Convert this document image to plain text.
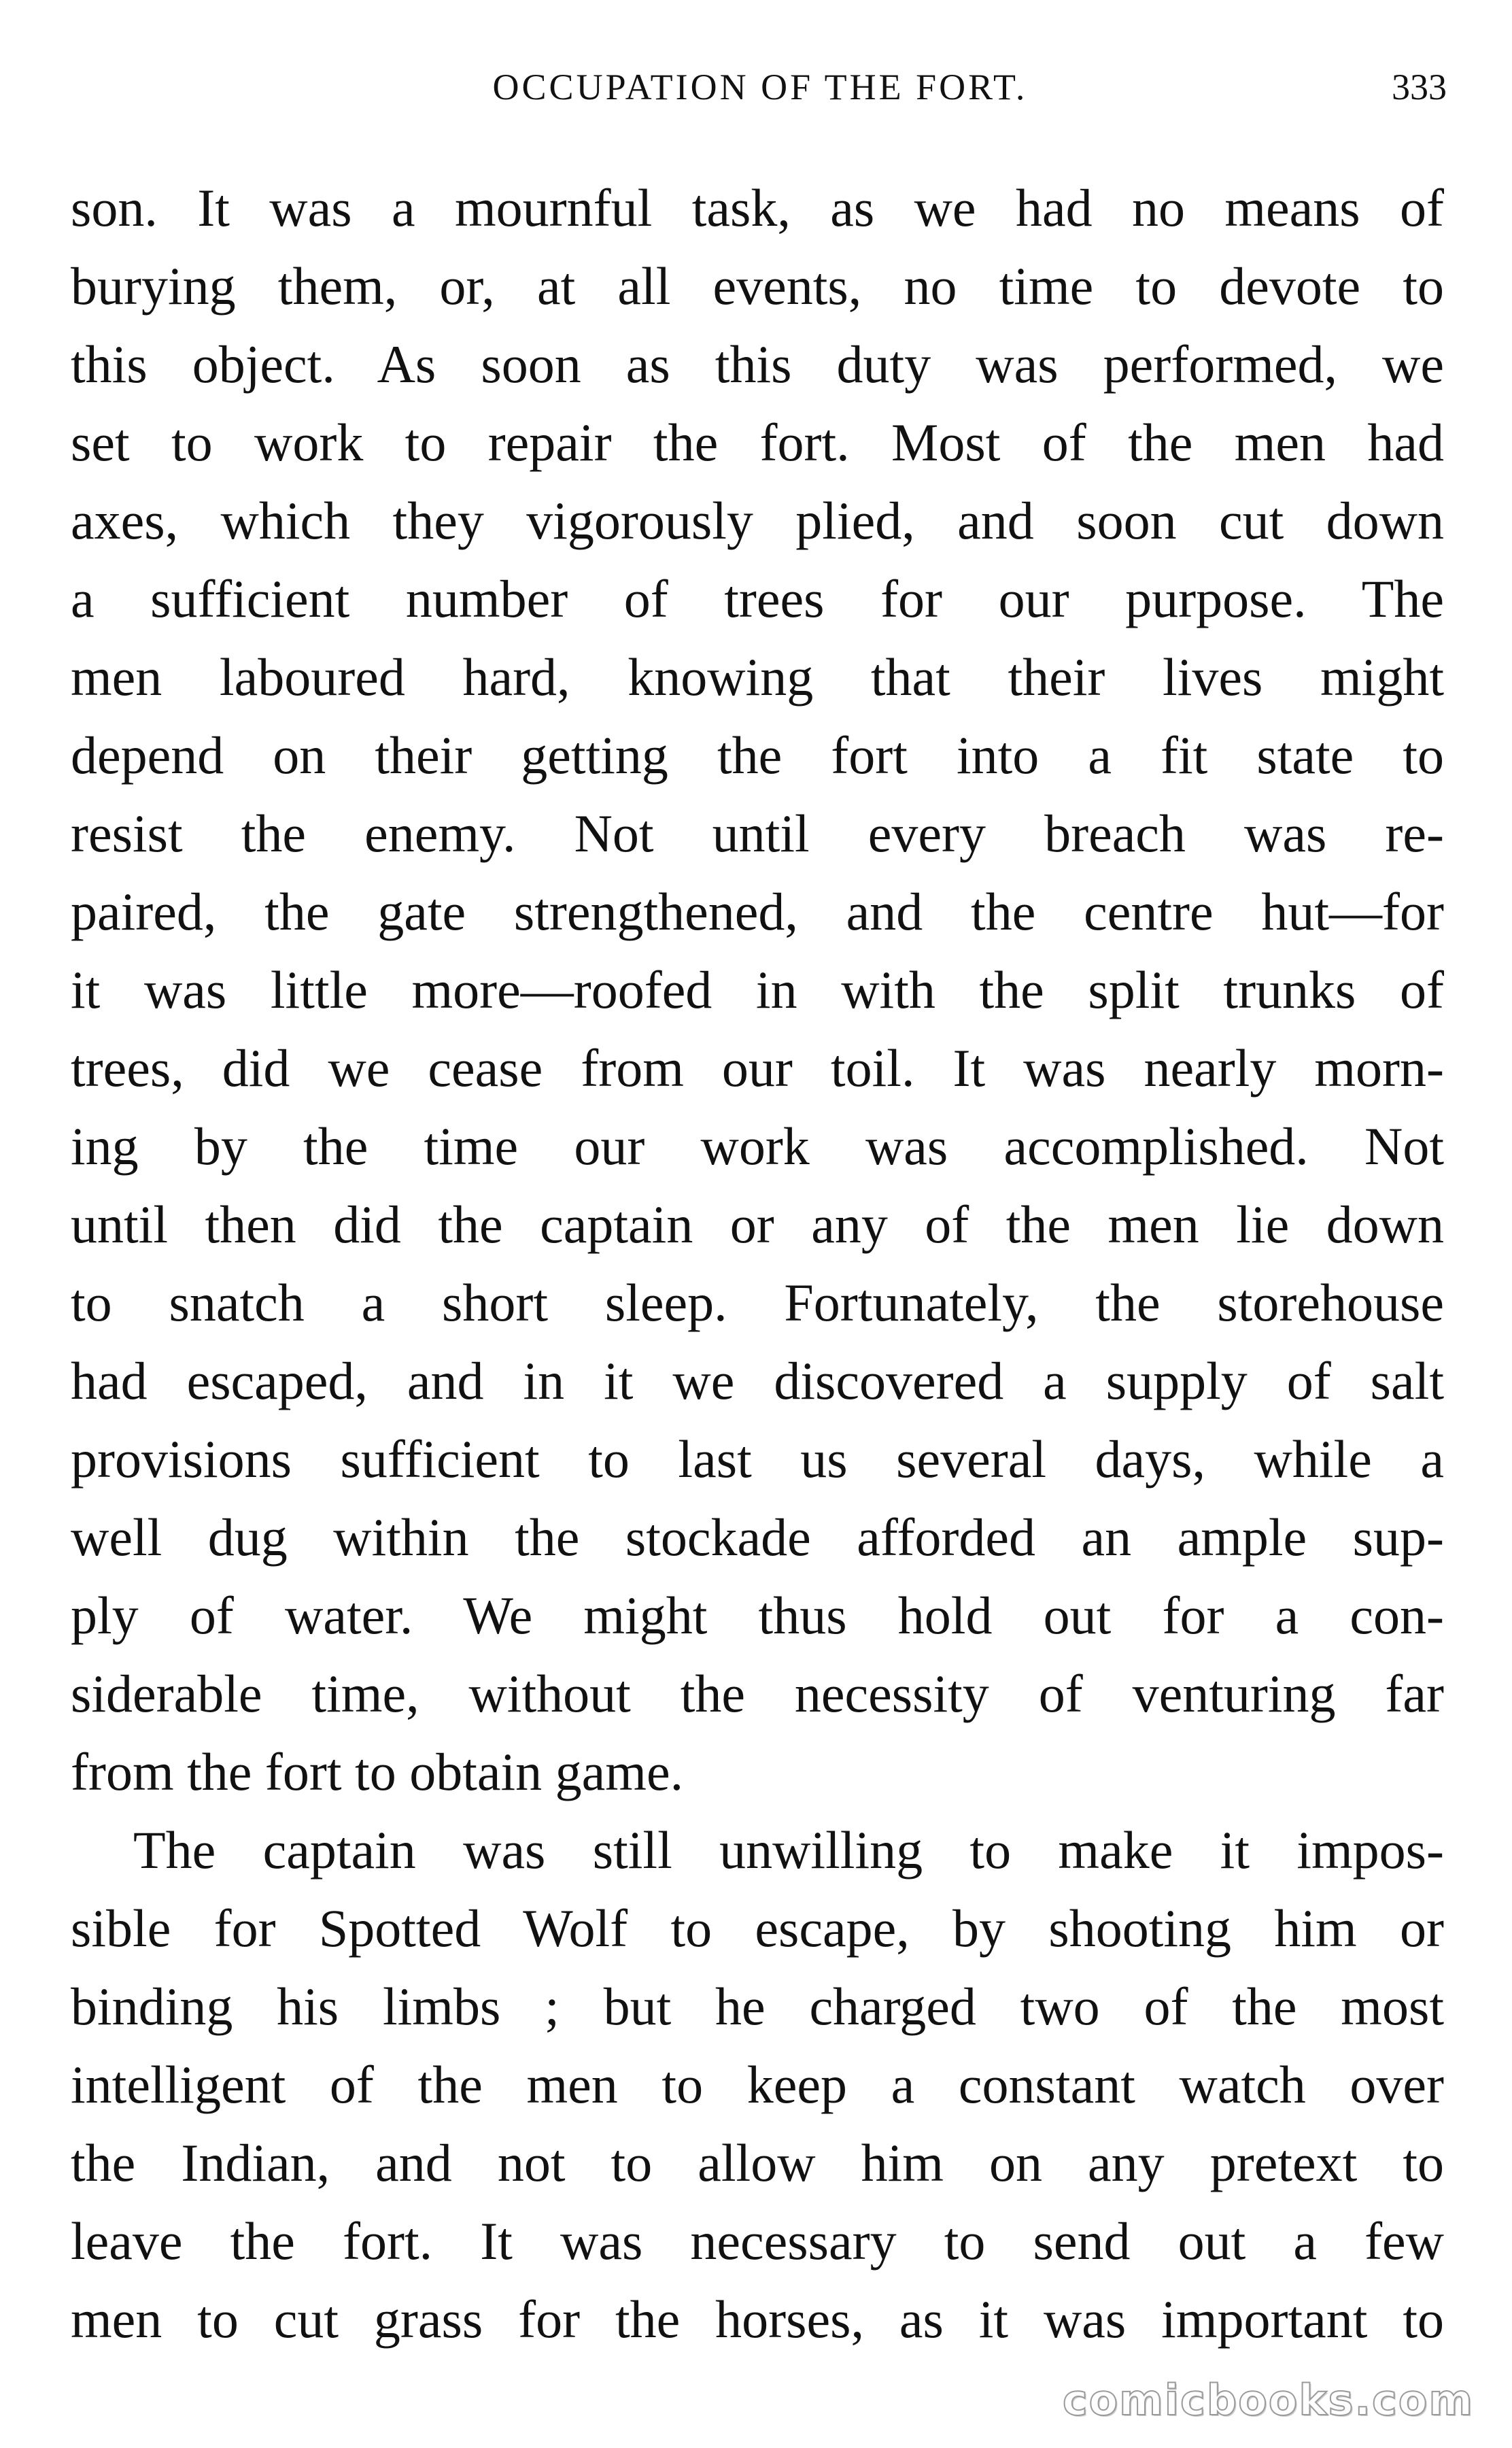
OCCUPATION OF THE FORT.	333
son. It was a mournful task, as we had no means of
burying them, or, at all events, no time to devote to
this object. As soon as this duty was performed, we
set to work to repair the fort. Most of the men had
axes, which they vigorously plied, and soon cut down
a sufficient number of trees for our purpose. The
men laboured hard, knowing that their lives might
depend on their getting the fort into a fit state to
resist the enemy. Not until every breach was re-
paired, the gate strengthened, and the centre hut—for
it was little more—roofed in with the split trunks of
trees, did we cease from our toil. It was nearly morn-
ing by the time our work was accomplished. Not
until then did the captain or any of the men lie down
to snatch a short sleep. Fortunately, the storehouse
had escaped, and in it we discovered a supply of salt
provisions sufficient to last us several days, while a
well dug within the stockade afforded an ample sup-
ply of water. We might thus hold out for a con-
siderable time, without the necessity of venturing far
from the fort to obtain game.
The captain was still unwilling to make it impos-
sible for Spotted Wolf to escape, by shooting him or
binding his limbs ; but he charged two of the most
intelligent of the men to keep a constant watch over
the Indian, and not to allow him on any pretext to
leave the fort. It was necessary to send out a few
men to cut grass for the horses, as it was important to
comicbooks.com
